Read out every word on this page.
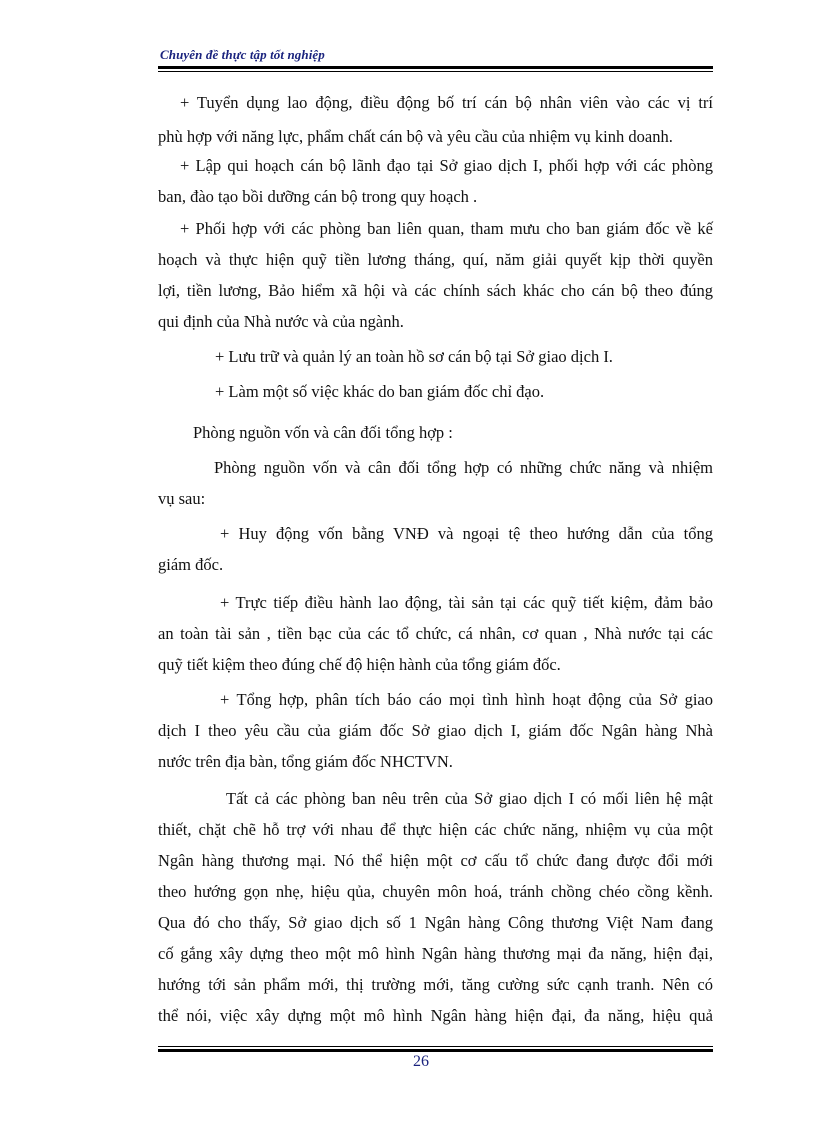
Chuyên đề thực tập tốt nghiệp
+ Tuyển dụng lao động, điều động bố trí cán bộ nhân viên vào các vị trí
phù hợp với năng lực, phẩm chất cán bộ và yêu cầu của nhiệm vụ kinh doanh.
+ Lập qui hoạch cán bộ lãnh đạo tại Sở giao dịch I, phối hợp với các phòng
ban, đào tạo bồi dưỡng cán bộ trong quy hoạch .
+ Phối hợp với các phòng ban liên quan, tham mưu cho ban giám đốc về kế
hoạch và thực hiện quỹ tiền lương tháng, quí, năm giải quyết kịp thời quyền
lợi, tiền lương, Bảo hiểm xã hội và các chính sách khác cho cán bộ theo đúng
qui định của Nhà nước và của ngành.
+ Lưu trữ và quản lý an toàn hồ sơ cán bộ tại Sở giao dịch I.
+ Làm một số việc khác do ban giám đốc chỉ đạo.
Phòng nguồn vốn và cân đối tổng hợp :
Phòng nguồn vốn và cân đối tổng hợp có những chức năng và nhiệm
vụ sau:
+ Huy động vốn bằng VNĐ và ngoại tệ theo hướng dẫn của tổng
giám đốc.
+ Trực tiếp điều hành lao động, tài sản tại các quỹ tiết kiệm, đảm bảo
an toàn tài sản , tiền bạc của các tổ chức, cá nhân, cơ quan , Nhà nước tại các
quỹ tiết kiệm theo đúng chế độ hiện hành của tổng giám đốc.
+ Tổng hợp, phân tích báo cáo mọi tình hình hoạt động của Sở giao
dịch I theo yêu cầu của giám đốc Sở giao dịch I, giám đốc Ngân hàng Nhà
nước trên địa bàn, tổng giám đốc NHCTVN.
Tất cả các phòng ban nêu trên của Sở giao dịch I có mối liên hệ mật
thiết, chặt chẽ hỗ trợ với nhau để thực hiện các chức năng, nhiệm vụ của một
Ngân hàng thương mại. Nó thể hiện một cơ cấu tổ chức đang được đổi mới
theo hướng gọn nhẹ, hiệu qủa, chuyên môn hoá, tránh chồng chéo cồng kềnh.
Qua đó cho thấy, Sở giao dịch số 1 Ngân hàng Công thương Việt Nam đang
cố gắng xây dựng theo một mô hình Ngân hàng thương mại đa năng, hiện đại,
hướng tới sản phẩm mới, thị trường mới, tăng cường sức cạnh tranh. Nên có
thể nói, việc xây dựng một mô hình Ngân hàng hiện đại, đa năng, hiệu quả
26
